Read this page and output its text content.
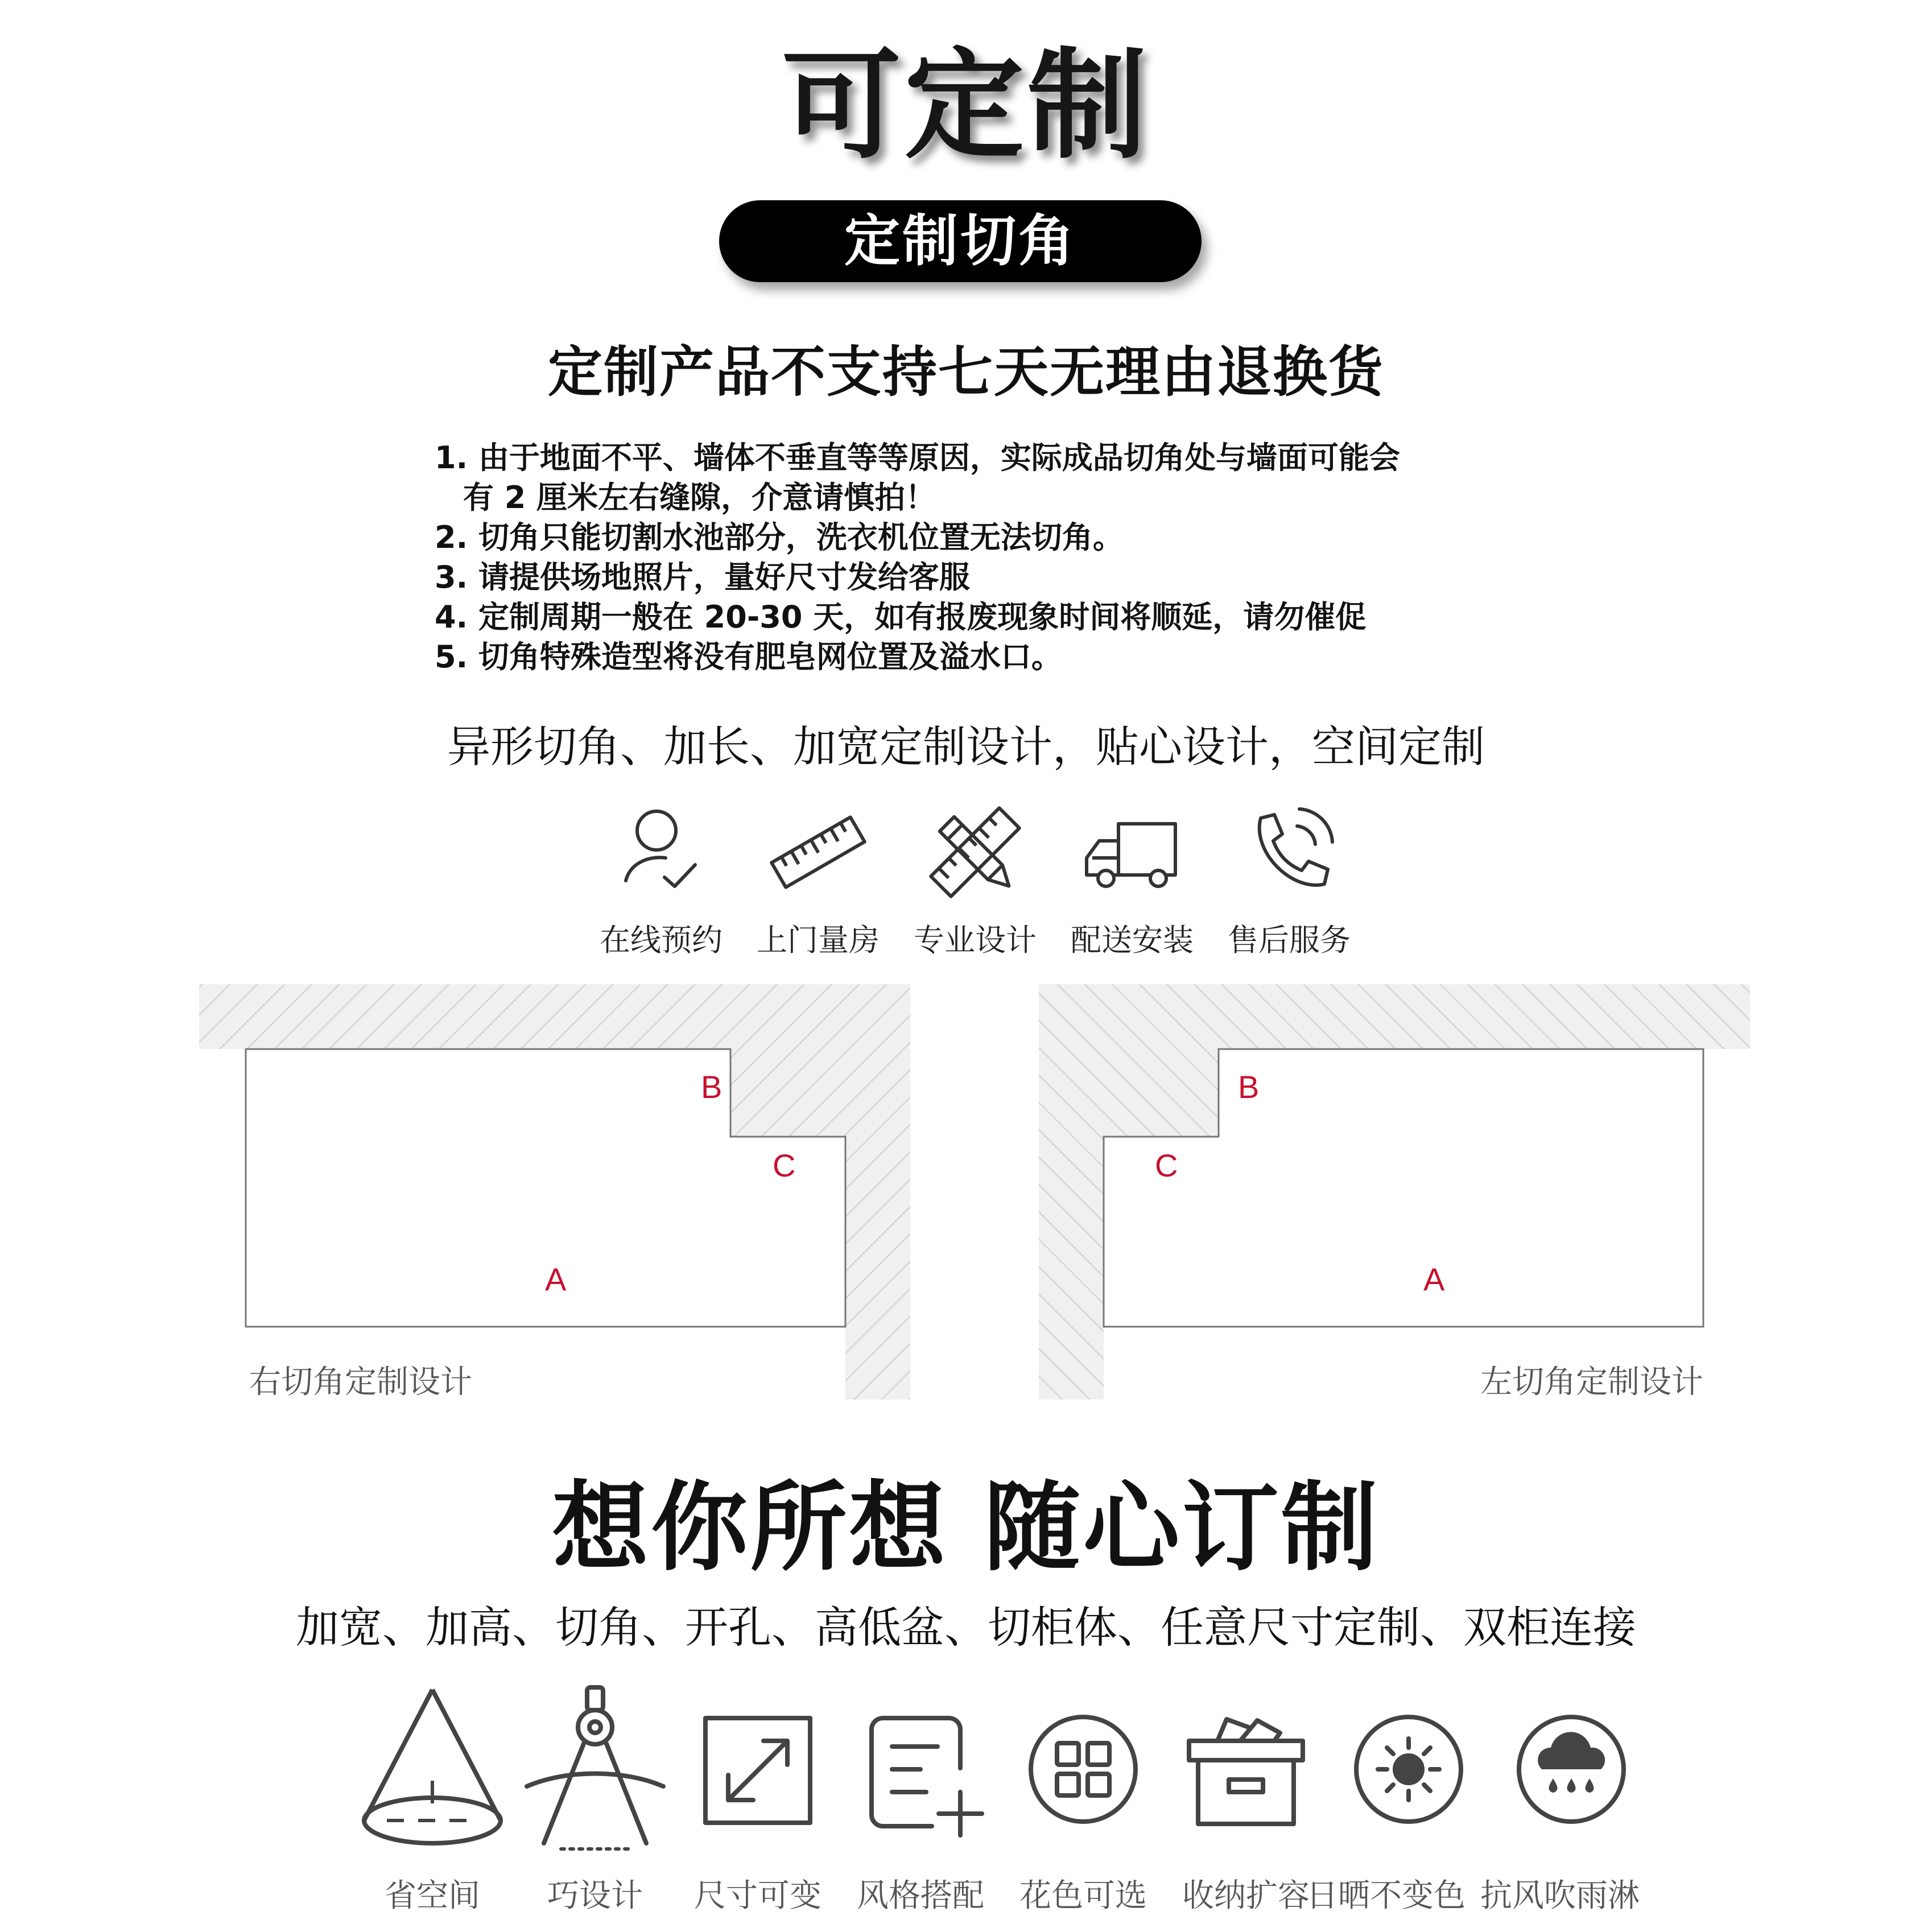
可定制
定制切角
定制产品不支持七天无理由退换货
1. 由于地面不平、墙体不垂直等等原因，实际成品切角处与墙面可能会
有 2 厘米左右缝隙，介意请慎拍！
2. 切角只能切割水池部分，洗衣机位置无法切角。
3. 请提供场地照片，量好尺寸发给客服
4. 定制周期一般在 20-30 天，如有报废现象时间将顺延，请勿催促
5. 切角特殊造型将没有肥皂网位置及溢水口。
异形切角、加长、加宽定制设计，贴心设计，空间定制
在线预约 上门量房 专业设计 配送安装 售后服务
B
C
A
右切角定制设计
B
C
A
左切角定制设计
想你所想 随心订制
加宽、加高、切角、开孔、高低盆、切柜体、任意尺寸定制、双柜连接
省空间	巧设计	尺寸可变	风格搭配	花色可选	收纳扩容
日晒不变色 抗风吹雨淋
